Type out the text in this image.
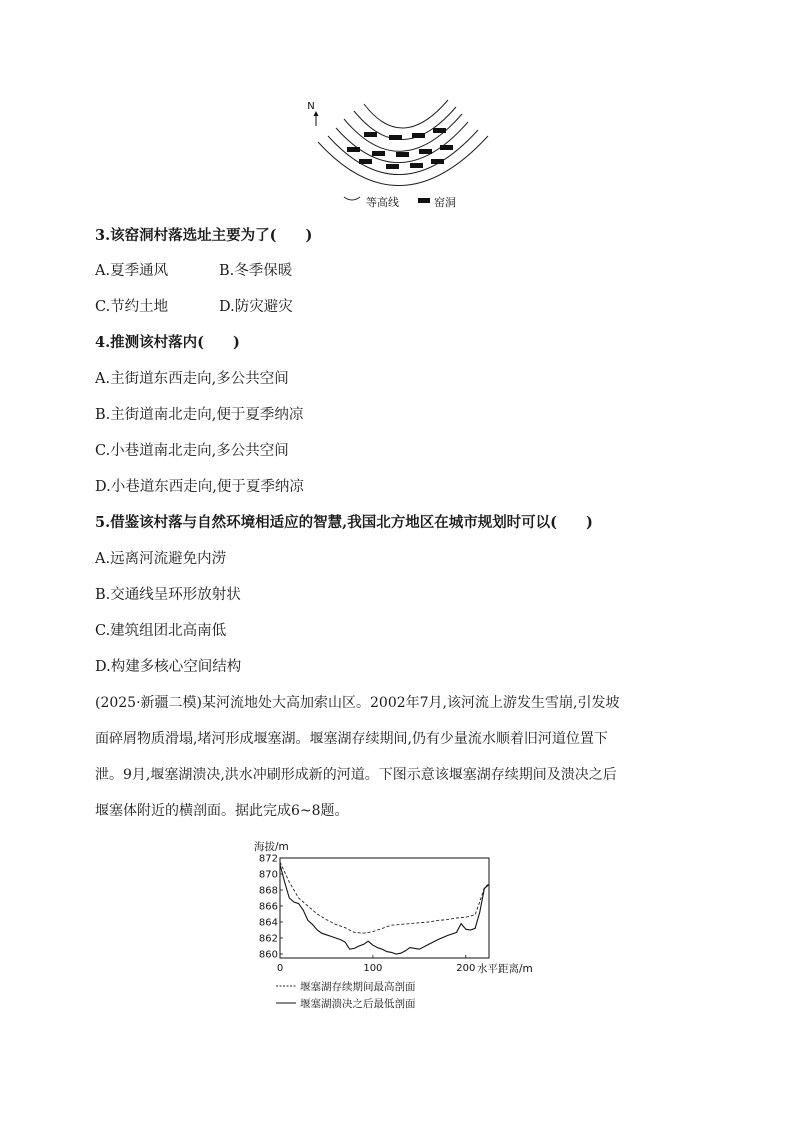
N
等高线	窑洞
3.该窑洞村落选址主要为了(　　)
A.夏季通风	B.冬季保暖
C.节约土地	D.防灾避灾
4.推测该村落内(　　)
A.主街道东西走向,多公共空间
B.主街道南北走向,便于夏季纳凉
C.小巷道南北走向,多公共空间
D.小巷道东西走向,便于夏季纳凉
5.借鉴该村落与自然环境相适应的智慧,我国北方地区在城市规划时可以(　　)
A.远离河流避免内涝
B.交通线呈环形放射状
C.建筑组团北高南低
D.构建多核心空间结构
(2025·新疆二模)某河流地处大高加索山区。2002年7月,该河流上游发生雪崩,引发坡
面碎屑物质滑塌,堵河形成堰塞湖。堰塞湖存续期间,仍有少量流水顺着旧河道位置下
泄。9月,堰塞湖溃决,洪水冲刷形成新的河道。下图示意该堰塞湖存续期间及溃决之后
堰塞体附近的横剖面。据此完成6~8题。
海拔/m
860
862
864
866
868
870
872
0	100	200 水平距离/m
堰塞湖存续期间最高剖面
堰塞湖溃决之后最低剖面
